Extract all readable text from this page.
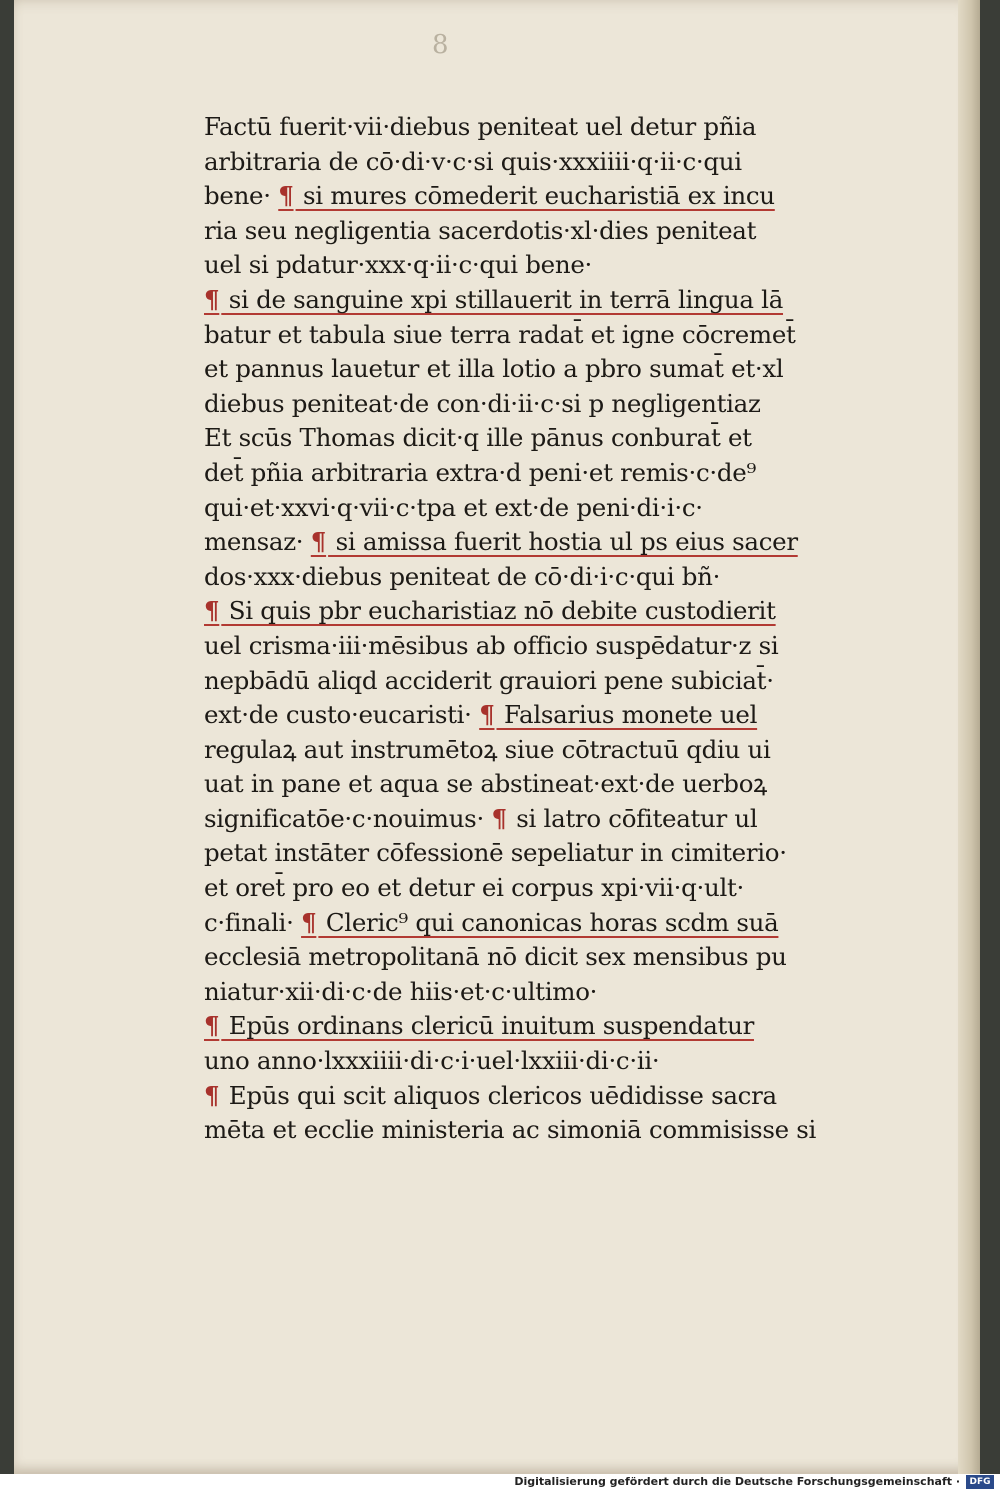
8
Factū fuerit·vii·diebus peniteat uel detur pñia
arbitraria de cō·di·v·c·si quis·xxxiiii·q·ii·c·qui
bene· ¶ si mures cōmederit eucharistiā ex incu
ria seu negligentia sacerdotis·xl·dies peniteat
uel si pdatur·xxx·q·ii·c·qui bene·
¶ si de sanguine xpi stillauerit in terrā lingua lā
batur et tabula siue terra radat̄ et igne cōcremet̄
et pannus lauetur et illa lotio a pbro sumat̄ et·xl
diebus peniteat·de con·di·ii·c·si p negligentiaz
Et scūs Thomas dicit·q ille pānus conburat̄ et
det̄ pñia arbitraria extra·d peni·et remis·c·de⁹
qui·et·xxvi·q·vii·c·tpa et ext·de peni·di·i·c·
mensaz· ¶ si amissa fuerit hostia ul ps eius sacer
dos·xxx·diebus peniteat de cō·di·i·c·qui bñ·
¶ Si quis pbr eucharistiaz nō debite custodierit
uel crisma·iii·mēsibus ab officio suspēdatur·z si
nepbādū aliqd acciderit grauiori pene subiciat̄·
ext·de custo·eucaristi· ¶ Falsarius monete uel
regulaꝝ aut instrumētoꝝ siue cōtractuū qdiu ui
uat in pane et aqua se abstineat·ext·de uerboꝝ
significatōe·c·nouimus· ¶ si latro cōfiteatur ul
petat instāter cōfessionē sepeliatur in cimiterio·
et oret̄ pro eo et detur ei corpus xpi·vii·q·ult·
c·finali· ¶ Cleric⁹ qui canonicas horas scdm suā
ecclesiā metropolitanā nō dicit sex mensibus pu
niatur·xii·di·c·de hiis·et·c·ultimo·
¶ Epūs ordinans clericū inuitum suspendatur
uno anno·lxxxiiii·di·c·i·uel·lxxiii·di·c·ii·
¶ Epūs qui scit aliquos clericos uēdidisse sacra
mēta et ecclie ministeria ac simoniā commisisse si
Digitalisierung gefördert durch die Deutsche Forschungsgemeinschaft ·	DFG
